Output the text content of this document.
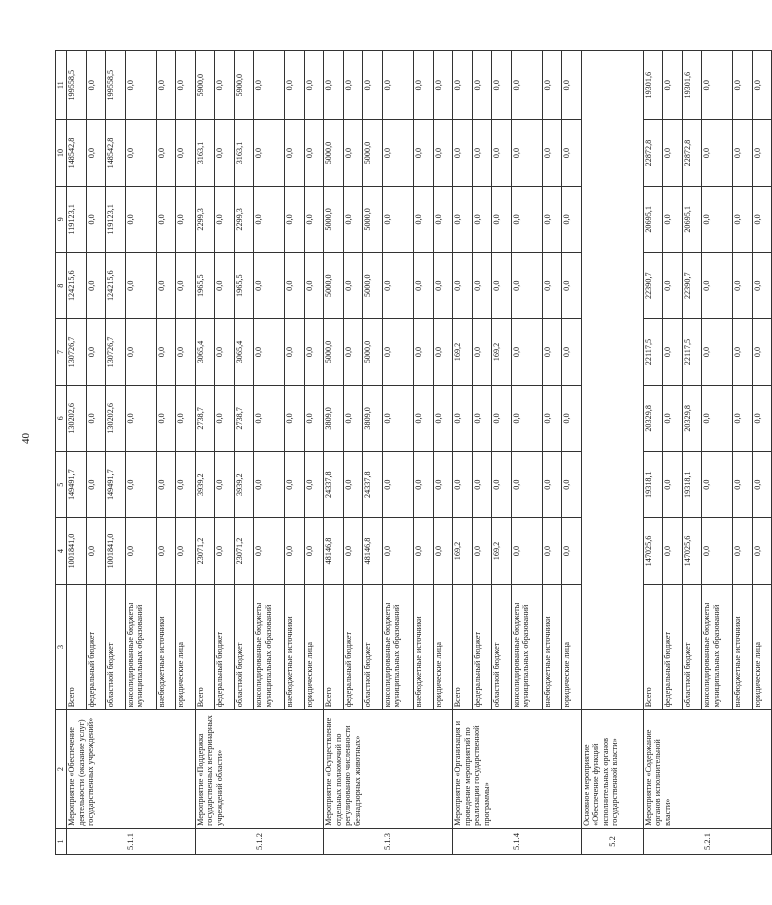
40
1	2	3	4	5	6	7	8	9	10	11
5.1.1	Мероприятие «Обеспечение деятельности (оказание услуг) государственных учреждений»	Всего	1001841,0	149491,7	130202,6	130726,7	124215,6	119123,1	148542,8	199558,5
		федеральный бюджет	0,0	0,0	0,0	0,0	0,0	0,0	0,0	0,0
		областной бюджет	1001841,0	149491,7	130202,6	130726,7	124215,6	119123,1	148542,8	199558,5
		консолидированные бюджеты муниципальных образований	0,0	0,0	0,0	0,0	0,0	0,0	0,0	0,0
		внебюджетные источники	0,0	0,0	0,0	0,0	0,0	0,0	0,0	0,0
		юридические лица	0,0	0,0	0,0	0,0	0,0	0,0	0,0	0,0
5.1.2	Мероприятие «Поддержка государственных ветеринарных учреждений области»	Всего	23071,2	3939,2	2738,7	3065,4	1965,5	2299,3	3163,1	5900,0
		федеральный бюджет	0,0	0,0	0,0	0,0	0,0	0,0	0,0	0,0
		областной бюджет	23071,2	3939,2	2738,7	3065,4	1965,5	2299,3	3163,1	5900,0
		консолидированные бюджеты муниципальных образований	0,0	0,0	0,0	0,0	0,0	0,0	0,0	0,0
		внебюджетные источники	0,0	0,0	0,0	0,0	0,0	0,0	0,0	0,0
		юридические лица	0,0	0,0	0,0	0,0	0,0	0,0	0,0	0,0
5.1.3	Мероприятие «Осуществление отдельных полномочий по регулированию численности безнадзорных животных»	Всего	48146,8	24337,8	3809,0	5000,0	5000,0	5000,0	5000,0	0,0
		федеральный бюджет	0,0	0,0	0,0	0,0	0,0	0,0	0,0	0,0
		областной бюджет	48146,8	24337,8	3809,0	5000,0	5000,0	5000,0	5000,0	0,0
		консолидированные бюджеты муниципальных образований	0,0	0,0	0,0	0,0	0,0	0,0	0,0	0,0
		внебюджетные источники	0,0	0,0	0,0	0,0	0,0	0,0	0,0	0,0
		юридические лица	0,0	0,0	0,0	0,0	0,0	0,0	0,0	0,0
5.1.4	Мероприятие «Организация и проведение мероприятий по реализации государственной программы»	Всего	169,2	0,0	0,0	169,2	0,0	0,0	0,0	0,0
		федеральный бюджет	0,0	0,0	0,0	0,0	0,0	0,0	0,0	0,0
		областной бюджет	169,2	0,0	0,0	169,2	0,0	0,0	0,0	0,0
		консолидированные бюджеты муниципальных образований	0,0	0,0	0,0	0,0	0,0	0,0	0,0	0,0
		внебюджетные источники	0,0	0,0	0,0	0,0	0,0	0,0	0,0	0,0
		юридические лица	0,0	0,0	0,0	0,0	0,0	0,0	0,0	0,0
5.2	Основное мероприятие «Обеспечение функций исполнительных органов государственной власти»									
5.2.1	Мероприятие «Содержание органов исполнительной власти»	Всего	147025,6	19318,1	20329,8	22117,5	22390,7	20695,1	22872,8	19301,6
		федеральный бюджет	0,0	0,0	0,0	0,0	0,0	0,0	0,0	0,0
		областной бюджет	147025,6	19318,1	20329,8	22117,5	22390,7	20695,1	22872,8	19301,6
		консолидированные бюджеты муниципальных образований	0,0	0,0	0,0	0,0	0,0	0,0	0,0	0,0
		внебюджетные источники	0,0	0,0	0,0	0,0	0,0	0,0	0,0	0,0
		юридические лица	0,0	0,0	0,0	0,0	0,0	0,0	0,0	0,0
